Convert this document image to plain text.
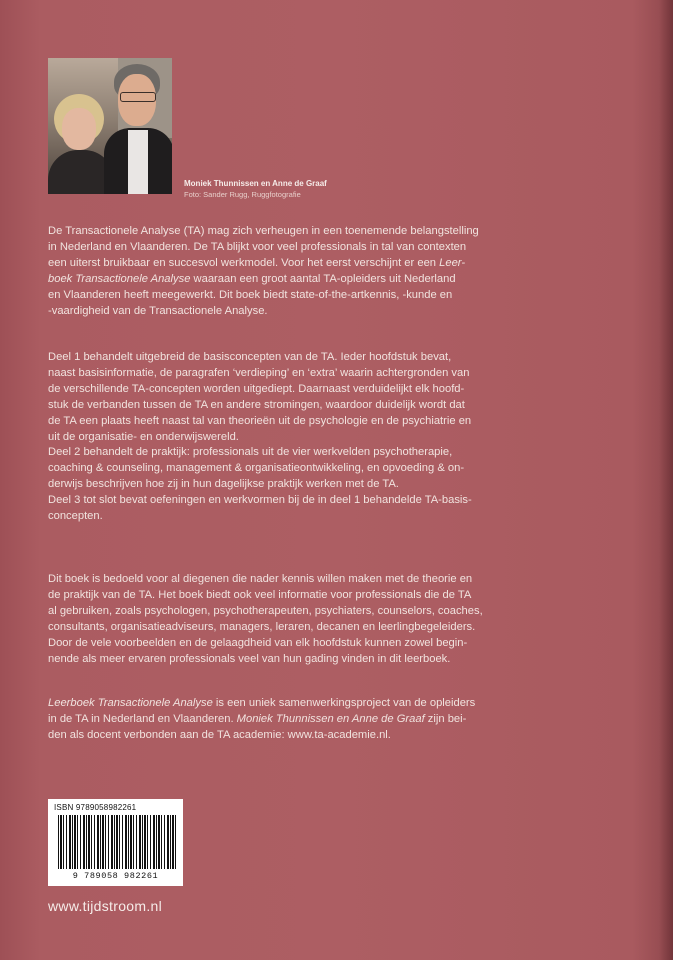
Moniek Thunnissen en Anne de Graaf
Foto: Sander Rugg, Ruggfotografie

De Transactionele Analyse (TA) mag zich verheugen in een toenemende belangstelling
in Nederland en Vlaanderen. De TA blijkt voor veel professionals in tal van contexten
een uiterst bruikbaar en succesvol werkmodel. Voor het eerst verschijnt er een Leer-
boek Transactionele Analyse waaraan een groot aantal TA-opleiders uit Nederland
en Vlaanderen heeft meegewerkt. Dit boek biedt state-of-the-artkennis, -kunde en
-vaardigheid van de Transactionele Analyse.

Deel 1 behandelt uitgebreid de basisconcepten van de TA. Ieder hoofdstuk bevat,
naast basisinformatie, de paragrafen ‘verdieping’ en ‘extra’ waarin achtergronden van
de verschillende TA-concepten worden uitgediept. Daarnaast verduidelijkt elk hoofd-
stuk de verbanden tussen de TA en andere stromingen, waardoor duidelijk wordt dat
de TA een plaats heeft naast tal van theorieën uit de psychologie en de psychiatrie en
uit de organisatie- en onderwijswereld.
Deel 2 behandelt de praktijk: professionals uit de vier werkvelden psychotherapie,
coaching & counseling, management & organisatieontwikkeling, en opvoeding & on-
derwijs beschrijven hoe zij in hun dagelijkse praktijk werken met de TA.
Deel 3 tot slot bevat oefeningen en werkvormen bij de in deel 1 behandelde TA-basis-
concepten.

Dit boek is bedoeld voor al diegenen die nader kennis willen maken met de theorie en
de praktijk van de TA. Het boek biedt ook veel informatie voor professionals die de TA
al gebruiken, zoals psychologen, psychotherapeuten, psychiaters, counselors, coaches,
consultants, organisatieadviseurs, managers, leraren, decanen en leerlingbegeleiders.
Door de vele voorbeelden en de gelaagdheid van elk hoofdstuk kunnen zowel begin-
nende als meer ervaren professionals veel van hun gading vinden in dit leerboek.

Leerboek Transactionele Analyse is een uniek samenwerkingsproject van de opleiders
in de TA in Nederland en Vlaanderen. Moniek Thunnissen en Anne de Graaf zijn bei-
den als docent verbonden aan de TA academie: www.ta-academie.nl.

ISBN 9789058982261
9 789058 982261
www.tijdstroom.nl
